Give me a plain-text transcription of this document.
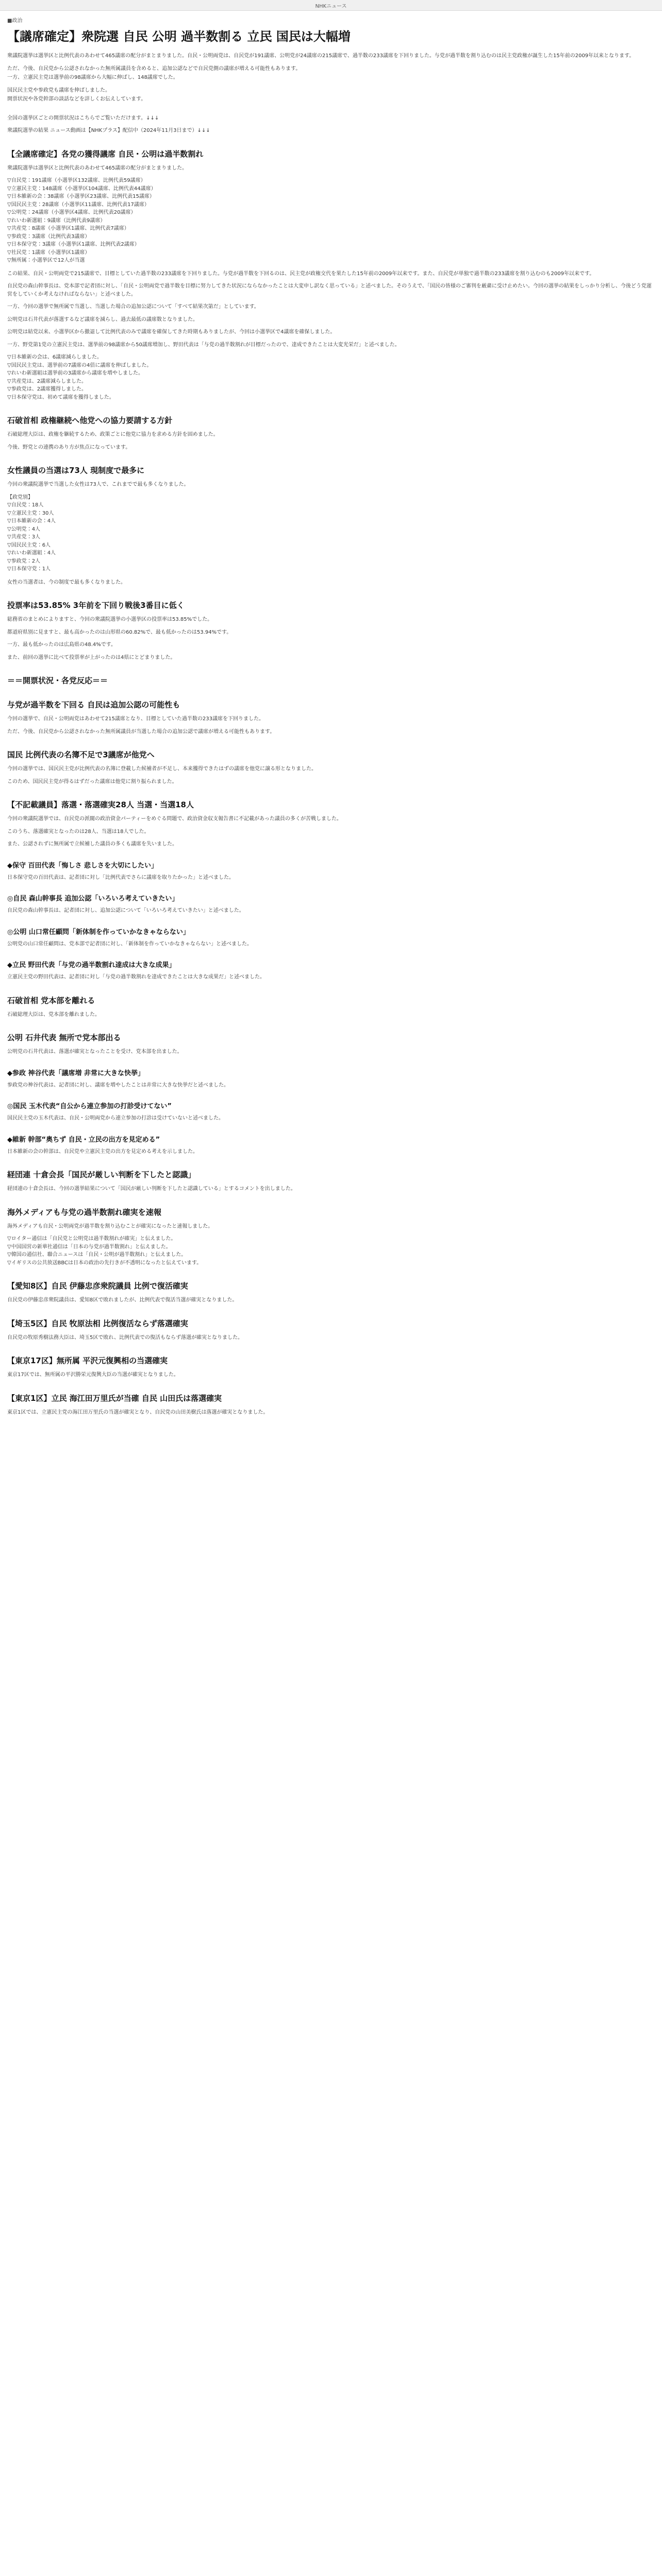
NHKニュース
■政治
【議席確定】衆院選 自民 公明 過半数割る 立民 国民は大幅増

衆議院選挙は選挙区と比例代表のあわせて465議席の配分がまとまりました。自民・公明両党は、自民党が191議席、公明党が24議席の215議席で、過半数の233議席を下回りました。与党が過半数を割り込むのは民主党政権が誕生した15年前の2009年以来となります。

ただ、今後、自民党から公認されなかった無所属議員を含めると、追加公認などで自民党側の議席が増える可能性もあります。

一方、立憲民主党は選挙前の98議席から大幅に伸ばし、148議席でした。

国民民主党や参政党も議席を伸ばしました。

開票状況や各党幹部の談話などを詳しくお伝えしています。

全国の選挙区ごとの開票状況はこちらでご覧いただけます。↓↓↓

衆議院選挙の結果 ニュース動画は【NHKプラス】配信中（2024年11月3日まで）↓↓↓

【全議席確定】各党の獲得議席 自民・公明は過半数割れ

衆議院選挙は選挙区と比例代表のあわせて465議席の配分がまとまりました。

▽自民党：191議席（小選挙区132議席、比例代表59議席）

▽立憲民主党：148議席（小選挙区104議席、比例代表44議席）

▽日本維新の会：38議席（小選挙区23議席、比例代表15議席）

▽国民民主党：28議席（小選挙区11議席、比例代表17議席）

▽公明党：24議席（小選挙区4議席、比例代表20議席）

▽れいわ新選組：9議席（比例代表9議席）

▽共産党：8議席（小選挙区1議席、比例代表7議席）

▽参政党：3議席（比例代表3議席）

▽日本保守党：3議席（小選挙区1議席、比例代表2議席）

▽社民党：1議席（小選挙区1議席）

▽無所属：小選挙区で12人が当選

この結果、自民・公明両党で215議席で、目標としていた過半数の233議席を下回りました。与党が過半数を下回るのは、民主党が政権交代を果たした15年前の2009年以来です。また、自民党が単独で過半数の233議席を割り込むのも2009年以来です。

自民党の森山幹事長は、党本部で記者団に対し、「自民・公明両党で過半数を目標に努力してきた状況にならなかったことは大変申し訳なく思っている」と述べました。そのうえで、「国民の皆様のご審判を厳粛に受け止めたい。今回の選挙の結果をしっかり分析し、今後どう党運営をしていくか考えなければならない」と述べました。

一方、今回の選挙で無所属で当選し、当選した場合の追加公認について「すべて結果次第だ」としています。

公明党は石井代表が落選するなど議席を減らし、過去最低の議席数となりました。

公明党は結党以来、小選挙区から撤退して比例代表のみで議席を確保してきた時期もありましたが、今回は小選挙区で4議席を確保しました。

一方、野党第1党の立憲民主党は、選挙前の98議席から50議席増加し、野田代表は「与党の過半数割れが目標だったので、達成できたことは大変光栄だ」と述べました。

▽日本維新の会は、6議席減らしました。

▽国民民主党は、選挙前の7議席の4倍に議席を伸ばしました。

▽れいわ新選組は選挙前の3議席から議席を増やしました。

▽共産党は、2議席減らしました。

▽参政党は、2議席獲得しました。

▽日本保守党は、初めて議席を獲得しました。

石破首相 政権継続へ他党への協力要請する方針

石破総理大臣は、政権を継続するため、政策ごとに他党に協力を求める方針を固めました。

今後、野党との連携のあり方が焦点になっています。

女性議員の当選は73人 現制度で最多に

今回の衆議院選挙で当選した女性は73人で、これまでで最も多くなりました。

【政党別】

▽自民党：18人

▽立憲民主党：30人

▽日本維新の会：4人

▽公明党：4人

▽共産党：3人

▽国民民主党：6人

▽れいわ新選組：4人

▽参政党：2人

▽日本保守党：1人

女性の当選者は、今の制度で最も多くなりました。

投票率は53.85% 3年前を下回り戦後3番目に低く

総務省のまとめによりますと、今回の衆議院選挙の小選挙区の投票率は53.85%でした。

都道府県別に見ますと、最も高かったのは山形県の60.82%で、最も低かったのは53.94%です。

一方、最も低かったのは広島県の48.4%です。

また、前回の選挙に比べて投票率が上がったのは4県にとどまりました。

＝＝開票状況・各党反応＝＝
与党が過半数を下回る 自民は追加公認の可能性も

今回の選挙で、自民・公明両党はあわせて215議席となり、目標としていた過半数の233議席を下回りました。

ただ、今後、自民党から公認されなかった無所属議員が当選した場合の追加公認で議席が増える可能性もあります。

国民 比例代表の名簿不足で3議席が他党へ

今回の選挙では、国民民主党が比例代表の名簿に登載した候補者が不足し、本来獲得できたはずの議席を他党に譲る形となりました。

このため、国民民主党が得るはずだった議席は他党に割り振られました。

【不記載議員】落選・落選確実28人 当選・当選18人

今回の衆議院選挙では、自民党の派閥の政治資金パーティーをめぐる問題で、政治資金収支報告書に不記載があった議員の多くが苦戦しました。

このうち、落選確実となったのは28人、当選は18人でした。

また、公認されずに無所属で立候補した議員の多くも議席を失いました。

◆保守 百田代表「悔しさ 悲しさを大切にしたい」

日本保守党の百田代表は、記者団に対し「比例代表でさらに議席を取りたかった」と述べました。

◎自民 森山幹事長 追加公認「いろいろ考えていきたい」

自民党の森山幹事長は、記者団に対し、追加公認について「いろいろ考えていきたい」と述べました。

◎公明 山口常任顧問「新体制を作っていかなきゃならない」

公明党の山口常任顧問は、党本部で記者団に対し、「新体制を作っていかなきゃならない」と述べました。

◆立民 野田代表「与党の過半数割れ達成は大きな成果」

立憲民主党の野田代表は、記者団に対し「与党の過半数割れを達成できたことは大きな成果だ」と述べました。

石破首相 党本部を離れる

石破総理大臣は、党本部を離れました。

公明 石井代表 無所で党本部出る

公明党の石井代表は、落選が確実となったことを受け、党本部を出ました。

◆参政 神谷代表「議席増 非常に大きな快挙」

参政党の神谷代表は、記者団に対し、議席を増やしたことは非常に大きな快挙だと述べました。

◎国民 玉木代表“自公から連立参加の打診受けてない”

国民民主党の玉木代表は、自民・公明両党から連立参加の打診は受けていないと述べました。

◆維新 幹部“奥ちず 自民・立民の出方を見定める”

日本維新の会の幹部は、自民党や立憲民主党の出方を見定める考えを示しました。

経団連 十倉会長「国民が厳しい判断を下したと認識」

経団連の十倉会長は、今回の選挙結果について「国民が厳しい判断を下したと認識している」とするコメントを出しました。

海外メディアも与党の過半数割れ確実を速報

海外メディアも自民・公明両党が過半数を割り込むことが確実になったと速報しました。

▽ロイター通信は「自民党と公明党は過半数割れが確実」と伝えました。

▽中国国営の新華社通信は「日本の与党が過半数割れ」と伝えました。

▽韓国の通信社、聯合ニュースは「自民・公明が過半数割れ」と伝えました。

▽イギリスの公共放送BBCは日本の政治の先行きが不透明になったと伝えています。

【愛知8区】自民 伊藤忠彦衆院議員 比例で復活確実

自民党の伊藤忠彦衆院議員は、愛知8区で敗れましたが、比例代表で復活当選が確実となりました。

【埼玉5区】自民 牧原法相 比例復活ならず落選確実

自民党の牧原秀樹法務大臣は、埼玉5区で敗れ、比例代表での復活もならず落選が確実となりました。

【東京17区】無所属 平沢元復興相の当選確実

東京17区では、無所属の平沢勝栄元復興大臣の当選が確実となりました。

【東京1区】立民 海江田万里氏が当確 自民 山田氏は落選確実

東京1区では、立憲民主党の海江田万里氏の当選が確実となり、自民党の山田美樹氏は落選が確実となりました。
